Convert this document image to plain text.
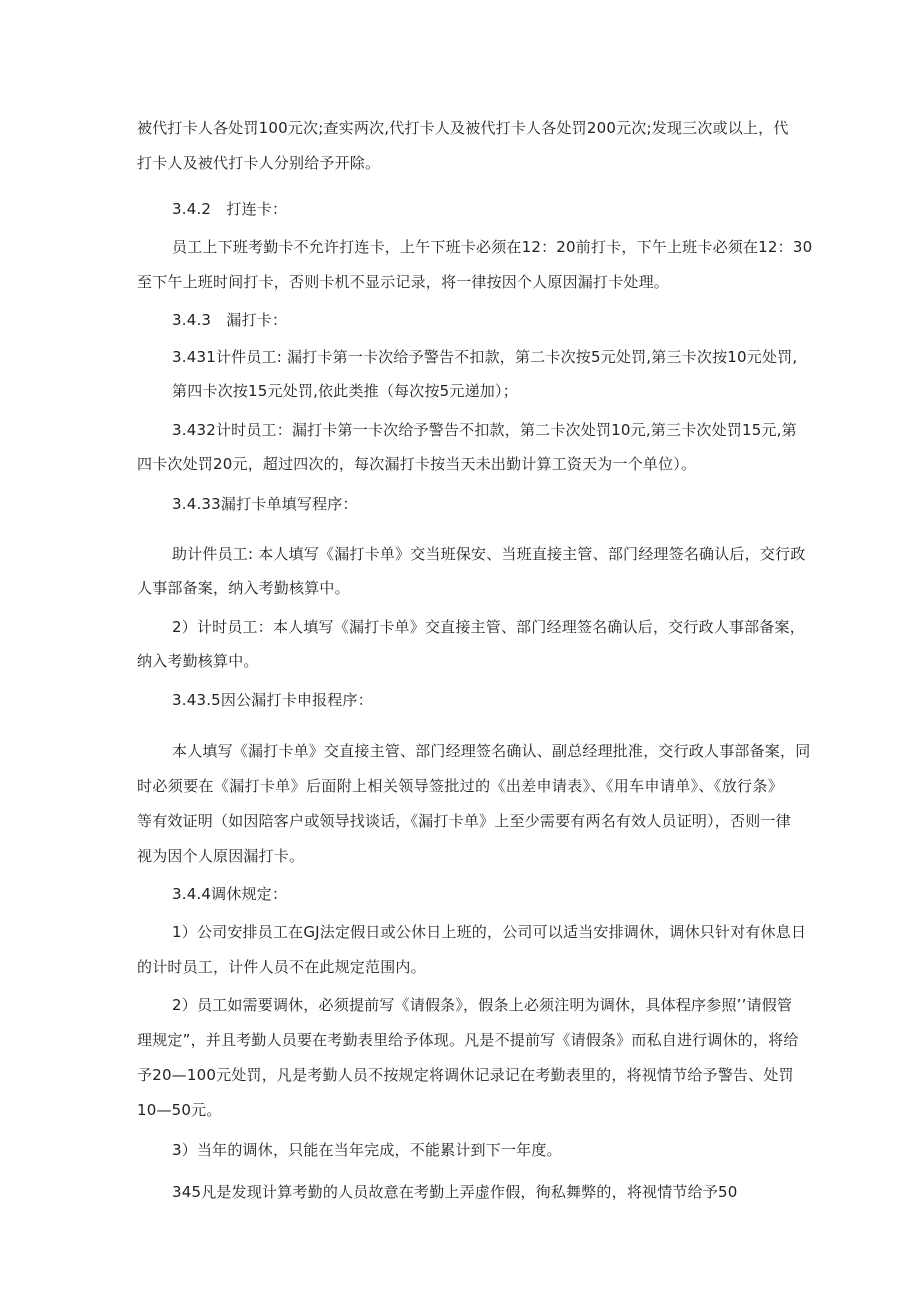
被代打卡人各处罚100元次;查实两次,代打卡人及被代打卡人各处罚200元次;发现三次或以上，代
打卡人及被代打卡人分别给予开除。
3.4.2　打连卡：
员工上下班考勤卡不允许打连卡，上午下班卡必须在12：20前打卡，下午上班卡必须在12：30
至下午上班时间打卡，否则卡机不显示记录，将一律按因个人原因漏打卡处理。
3.4.3　漏打卡：
3.431计件员工: 漏打卡第一卡次给予警告不扣款，第二卡次按5元处罚,第三卡次按10元处罚,
第四卡次按15元处罚,依此类推（每次按5元递加）；
3.432计时员工：漏打卡第一卡次给予警告不扣款，第二卡次处罚10元,第三卡次处罚15元,第
四卡次处罚20元，超过四次的，每次漏打卡按当天未出勤计算工资天为一个单位）。
3.4.33漏打卡单填写程序：
助计件员工: 本人填写《漏打卡单》交当班保安、当班直接主管、部门经理签名确认后，交行政
人事部备案，纳入考勤核算中。
2）计时员工：本人填写《漏打卡单》交直接主管、部门经理签名确认后，交行政人事部备案，
纳入考勤核算中。
3.43.5因公漏打卡申报程序：
本人填写《漏打卡单》交直接主管、部门经理签名确认、副总经理批准，交行政人事部备案，同
时必须要在《漏打卡单》后面附上相关领导签批过的《出差申请表》、《用车申请单》、《放行条》
等有效证明（如因陪客户或领导找谈话，《漏打卡单》上至少需要有两名有效人员证明），否则一律
视为因个人原因漏打卡。
3.4.4调休规定：
1）公司安排员工在GJ法定假日或公休日上班的，公司可以适当安排调休，调休只针对有休息日
的计时员工，计件人员不在此规定范围内。
2）员工如需要调休，必须提前写《请假条》，假条上必须注明为调休，具体程序参照’’请假管
理规定”，并且考勤人员要在考勤表里给予体现。凡是不提前写《请假条》而私自进行调休的，将给
予20—100元处罚，凡是考勤人员不按规定将调休记录记在考勤表里的，将视情节给予警告、处罚
10—50元。
3）当年的调休，只能在当年完成，不能累计到下一年度。
345凡是发现计算考勤的人员故意在考勤上弄虚作假，徇私舞弊的，将视情节给予50
